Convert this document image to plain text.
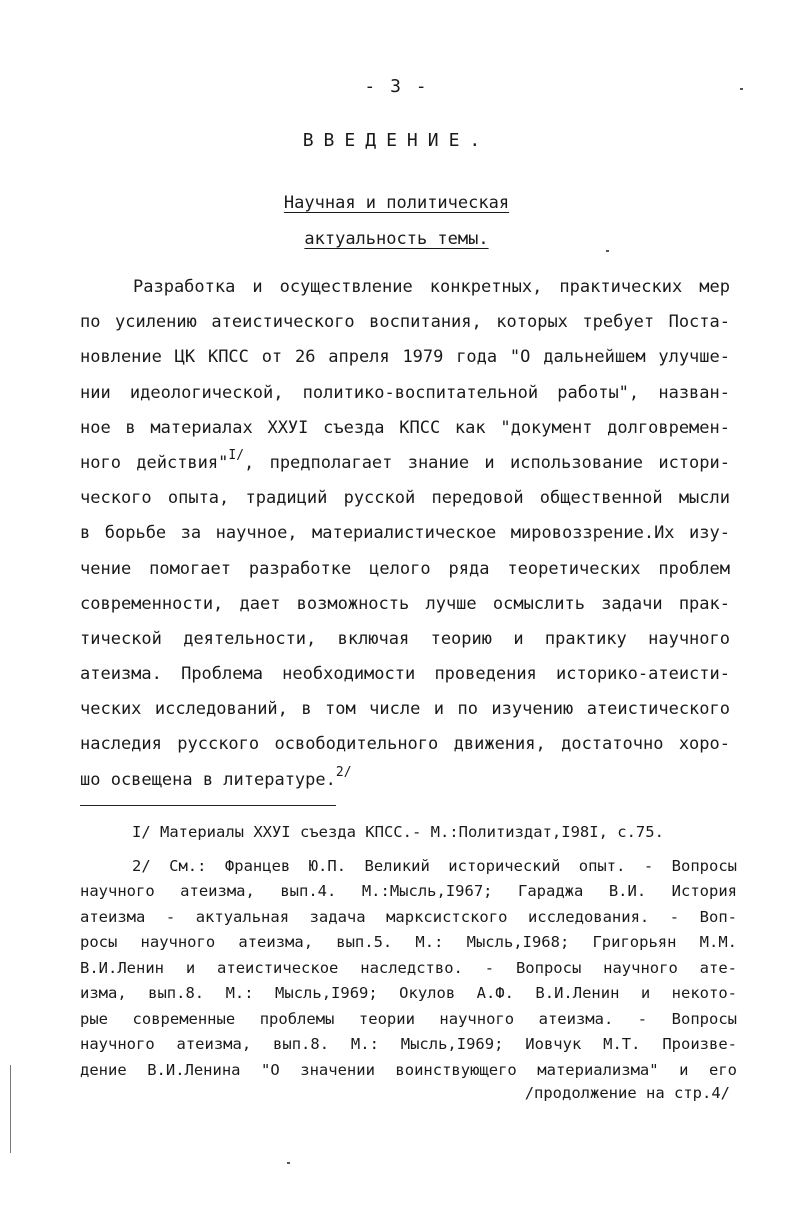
- 3 -
ВВЕДЕНИЕ.
Научная и политическая
актуальность темы.
Разработка и осуществление конкретных, практических мер
по усилению атеистического воспитания, которых требует Поста-
новление ЦК КПСС от 26 апреля 1979 года "О дальнейшем улучше-
нии идеологической, политико-воспитательной работы", назван-
ное в материалах ХХУI съезда КПСС как "документ долговремен-
ного действия"$^{I/}$, предполагает знание и использование истори-
ческого опыта, традиций русской передовой общественной мысли
в борьбе за научное, материалистическое мировоззрение.Их изу-
чение помогает разработке целого ряда теоретических проблем
современности, дает возможность лучше осмыслить задачи прак-
тической деятельности, включая теорию и практику научного
атеизма. Проблема необходимости проведения историко-атеисти-
ческих исследований, в том числе и по изучению атеистического
наследия русского освободительного движения, достаточно хоро-
шо освещена в литературе.$^{2/}$
I/ Материалы ХХУI съезда КПСС.- М.:Политиздат,I98I, с.75.
2/ См.: Францев Ю.П. Великий исторический опыт. - Вопросы
научного атеизма, вып.4. М.:Мысль,I967; Гараджа В.И. История
атеизма - актуальная задача марксистского исследования. - Воп-
росы научного атеизма, вып.5. М.: Мысль,I968; Григорьян М.М.
В.И.Ленин и атеистическое наследство. - Вопросы научного ате-
изма, вып.8. М.: Мысль,I969; Окулов А.Ф. В.И.Ленин и некото-
рые современные проблемы теории научного атеизма. - Вопросы
научного атеизма, вып.8. М.: Мысль,I969; Иовчук М.Т. Произве-
дение В.И.Ленина "О значении воинствующего материализма" и его
/продолжение на стр.4/
